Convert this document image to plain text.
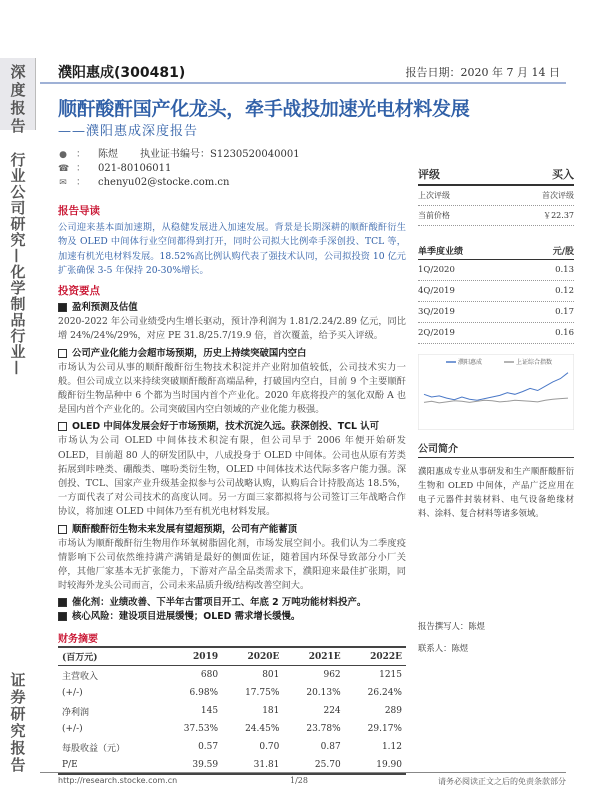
深度报告
行业公司研究—化学制品行业—
证券研究报告
濮阳惠成(300481)	报告日期：2020 年 7 月 14 日
顺酐酸酐国产化龙头，牵手战投加速光电材料发展
——濮阳惠成深度报告
● ：	陈煜 执业证书编号：S1230520040001
☎ ：	021-80106011
✉ ：	chenyu02@stocke.com.cn
报告导读
公司迎来基本面加速期，从稳健发展进入加速发展。背景是长期深耕的顺酐酸酐衍生物及 OLED 中间体行业空间都得到打开，同时公司拟大比例牵手深创投、TCL 等，加速有机光电材料发展。18.52%高比例认购代表了强技术认同，公司拟投资 10 亿元扩张确保 3-5 年保持 20-30%增长。
投资要点
盈利预测及估值
2020-2022 年公司业绩受内生增长驱动，预计净利润为 1.81/2.24/2.89 亿元，同比增 24%/24%/29%，对应 PE 31.8/25.7/19.9 倍，首次覆盖，给予买入评级。
公司产业化能力会超市场预期，历史上持续突破国内空白
市场认为公司从事的顺酐酸酐衍生物技术积淀并产业附加值较低，公司技术实力一般。但公司成立以来持续突破顺酐酸酐高端品种，打破国内空白，目前 9 个主要顺酐酸酐衍生物品种中 6 个都为当时国内首个产业化。2020 年底将投产的氢化双酚 A 也是国内首个产业化的。公司突破国内空白领域的产业化能力极强。
OLED 中间体发展会好于市场预期，技术沉淀久远。获深创投、TCL 认可
市场认为公司 OLED 中间体技术积淀有限，但公司早于 2006 年便开始研发 OLED，目前超 80 人的研发团队中，八成投身于 OLED 中间体。公司也从原有芳类拓展到咔唑类、硼酸类、噻吩类衍生物，OLED 中间体技术达代际多客户能力强。深创投、TCL、国家产业升级基金拟参与公司战略认购，认购后合计持股高达 18.5%，一方面代表了对公司技术的高度认同。另一方面三家都拟将与公司签订三年战略合作协议，将加速 OLED 中间体乃至有机光电材料发展。
顺酐酸酐衍生物未来发展有望超预期，公司有产能蓄顶
市场认为顺酐酸酐衍生物用作环氧树脂固化剂，市场发展空间小。我们认为二季度疫情影响下公司依然维持满产满销是最好的侧面佐证，随着国内环保导致部分小厂关停，其他厂家基本无扩张能力，下游对产品全品类需求下，濮阳迎来最佳扩张期，同时较海外龙头公司而言，公司未来品质升级/结构改善空间大。
催化剂：业绩改善、下半年古雷项目开工、年底 2 万吨功能材料投产。
核心风险：建设项目进展缓慢；OLED 需求增长缓慢。
财务摘要
(百万元)	2019	2020E	2021E	2022E
主营收入	680	801	962	1215
(+/-)	6.98%	17.75%	20.13%	26.24%
净利润	145	181	224	289
(+/-)	37.53%	24.45%	23.78%	29.17%
每股收益（元）	0.57	0.70	0.87	1.12
P/E	39.59	31.81	25.70	19.90
评级	买入
上次评级	首次评级
当前价格	￥22.37
单季度业绩	元/股
1Q/2020	0.13
4Q/2019	0.12
3Q/2019	0.17
2Q/2019	0.16
濮阳惠成	上证综合指数
公司简介
濮阳惠成专业从事研发和生产顺酐酸酐衍生物和 OLED 中间体，产品广泛应用在电子元器件封装材料、电气设备绝缘材料、涂料、复合材料等诸多领域。
报告撰写人：陈煜
联系人：陈煜
http://research.stocke.com.cn	1/28	请务必阅读正文之后的免责条款部分
